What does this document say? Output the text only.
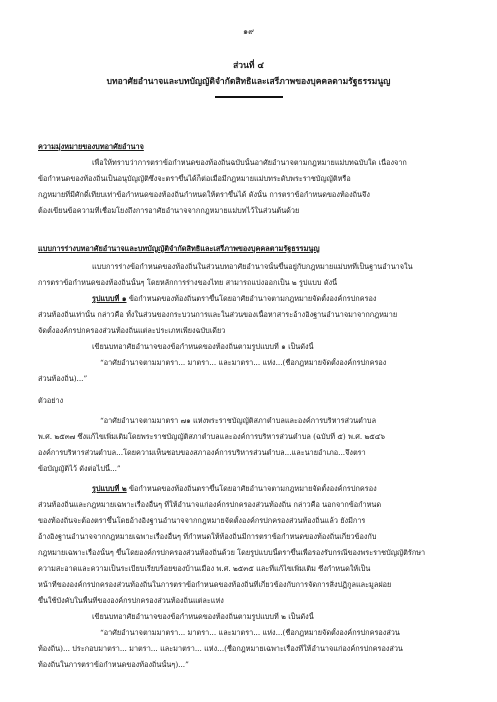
๑๙
ส่วนที่ ๔
บทอาศัยอำนาจและบทบัญญัติจำกัดสิทธิและเสรีภาพของบุคคลตามรัฐธรรมนูญ
ความมุ่งหมายของบทอาศัยอำนาจ
เพื่อให้ทราบว่าการตราข้อกำหนดของท้องถิ่นฉบับนั้นอาศัยอำนาจตามกฎหมายแม่บทฉบับใด เนื่องจาก
ข้อกำหนดของท้องถิ่นเป็นอนุบัญญัติซึ่งจะตราขึ้นได้ก็ต่อเมื่อมีกฎหมายแม่บทระดับพระราชบัญญัติหรือ
กฎหมายที่มีศักดิ์เทียบเท่าข้อกำหนดของท้องถิ่นกำหนดให้ตราขึ้นได้ ดังนั้น การตราข้อกำหนดของท้องถิ่นจึง
ต้องเขียนข้อความที่เชื่อมโยงถึงการอาศัยอำนาจจากกฎหมายแม่บทไว้ในส่วนต้นด้วย
แบบการร่างบทอาศัยอำนาจและบทบัญญัติจำกัดสิทธิและเสรีภาพของบุคคลตามรัฐธรรมนูญ
แบบการร่างข้อกำหนดของท้องถิ่นในส่วนบทอาศัยอำนาจนั้นขึ้นอยู่กับกฎหมายแม่บทที่เป็นฐานอำนาจใน
การตราข้อกำหนดของท้องถิ่นนั้นๆ โดยหลักการร่างของไทย สามารถแบ่งออกเป็น ๒ รูปแบบ ดังนี้
รูปแบบที่ ๑ ข้อกำหนดของท้องถิ่นตราขึ้นโดยอาศัยอำนาจตามกฎหมายจัดตั้งองค์กรปกครอง
ส่วนท้องถิ่นเท่านั้น กล่าวคือ ทั้งในส่วนของกระบวนการและในส่วนของเนื้อหาสาระอ้างอิงฐานอำนาจมาจากกฎหมาย
จัดตั้งองค์กรปกครองส่วนท้องถิ่นแต่ละประเภทเพียงฉบับเดียว
เขียนบทอาศัยอำนาจของข้อกำหนดของท้องถิ่นตามรูปแบบที่ ๑ เป็นดังนี้
“อาศัยอำนาจตามมาตรา... มาตรา... และมาตรา... แห่ง...(ชื่อกฎหมายจัดตั้งองค์กรปกครอง
ส่วนท้องถิ่น)...”
ตัวอย่าง
“อาศัยอำนาจตามมาตรา ๗๑ แห่งพระราชบัญญัติสภาตำบลและองค์การบริหารส่วนตำบล
พ.ศ. ๒๕๓๗ ซึ่งแก้ไขเพิ่มเติมโดยพระราชบัญญัติสภาตำบลและองค์การบริหารส่วนตำบล (ฉบับที่ ๕) พ.ศ. ๒๕๔๖
องค์การบริหารส่วนตำบล...โดยความเห็นชอบของสภาองค์การบริหารส่วนตำบล...และนายอำเภอ...จึงตรา
ข้อบัญญัติไว้ ดังต่อไปนี้...”
รูปแบบที่ ๒ ข้อกำหนดของท้องถิ่นตราขึ้นโดยอาศัยอำนาจตามกฎหมายจัดตั้งองค์กรปกครอง
ส่วนท้องถิ่นและกฎหมายเฉพาะเรื่องอื่นๆ ที่ให้อำนาจแก่องค์กรปกครองส่วนท้องถิ่น กล่าวคือ นอกจากข้อกำหนด
ของท้องถิ่นจะต้องตราขึ้นโดยอ้างอิงฐานอำนาจจากกฎหมายจัดตั้งองค์กรปกครองส่วนท้องถิ่นแล้ว ยังมีการ
อ้างอิงฐานอำนาจจากกฎหมายเฉพาะเรื่องอื่นๆ ที่กำหนดให้ท้องถิ่นมีการตราข้อกำหนดของท้องถิ่นเกี่ยวข้องกับ
กฎหมายเฉพาะเรื่องนั้นๆ ขึ้นโดยองค์กรปกครองส่วนท้องถิ่นด้วย โดยรูปแบบนี้ตราขึ้นเพื่อรองรับกรณีของพระราชบัญญัติรักษา
ความสะอาดและความเป็นระเบียบเรียบร้อยของบ้านเมือง พ.ศ. ๒๕๓๕ และที่แก้ไขเพิ่มเติม ซึ่งกำหนดให้เป็น
หน้าที่ขององค์กรปกครองส่วนท้องถิ่นในการตราข้อกำหนดของท้องถิ่นที่เกี่ยวข้องกับการจัดการสิ่งปฏิกูลและมูลฝอย
ขึ้นใช้บังคับในพื้นที่ขององค์กรปกครองส่วนท้องถิ่นแต่ละแห่ง
เขียนบทอาศัยอำนาจของข้อกำหนดของท้องถิ่นตามรูปแบบที่ ๒ เป็นดังนี้
“อาศัยอำนาจตามมาตรา... มาตรา... และมาตรา... แห่ง...(ชื่อกฎหมายจัดตั้งองค์กรปกครองส่วน
ท้องถิ่น)... ประกอบมาตรา... มาตรา... และมาตรา... แห่ง...(ชื่อกฎหมายเฉพาะเรื่องที่ให้อำนาจแก่องค์กรปกครองส่วน
ท้องถิ่นในการตราข้อกำหนดของท้องถิ่นนั้นๆ)...”
